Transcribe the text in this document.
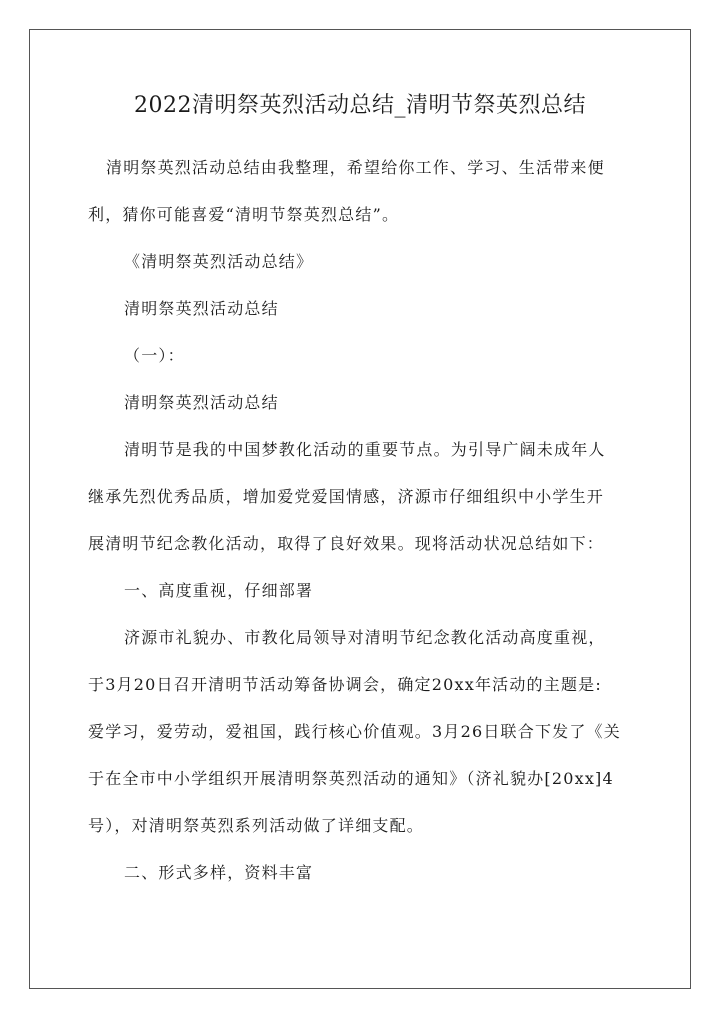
2022清明祭英烈活动总结_清明节祭英烈总结

清明祭英烈活动总结由我整理，希望给你工作、学习、生活带来便

利，猜你可能喜爱“清明节祭英烈总结”。

《清明祭英烈活动总结》

清明祭英烈活动总结

（一）：

清明祭英烈活动总结

清明节是我的中国梦教化活动的重要节点。为引导广阔未成年人

继承先烈优秀品质，增加爱党爱国情感，济源市仔细组织中小学生开

展清明节纪念教化活动，取得了良好效果。现将活动状况总结如下：

一、高度重视，仔细部署

济源市礼貌办、市教化局领导对清明节纪念教化活动高度重视，

于3月20日召开清明节活动筹备协调会，确定20xx年活动的主题是:

爱学习，爱劳动，爱祖国，践行核心价值观。3月26日联合下发了《关

于在全市中小学组织开展清明祭英烈活动的通知》（济礼貌办[20xx]4

号），对清明祭英烈系列活动做了详细支配。

二、形式多样，资料丰富
